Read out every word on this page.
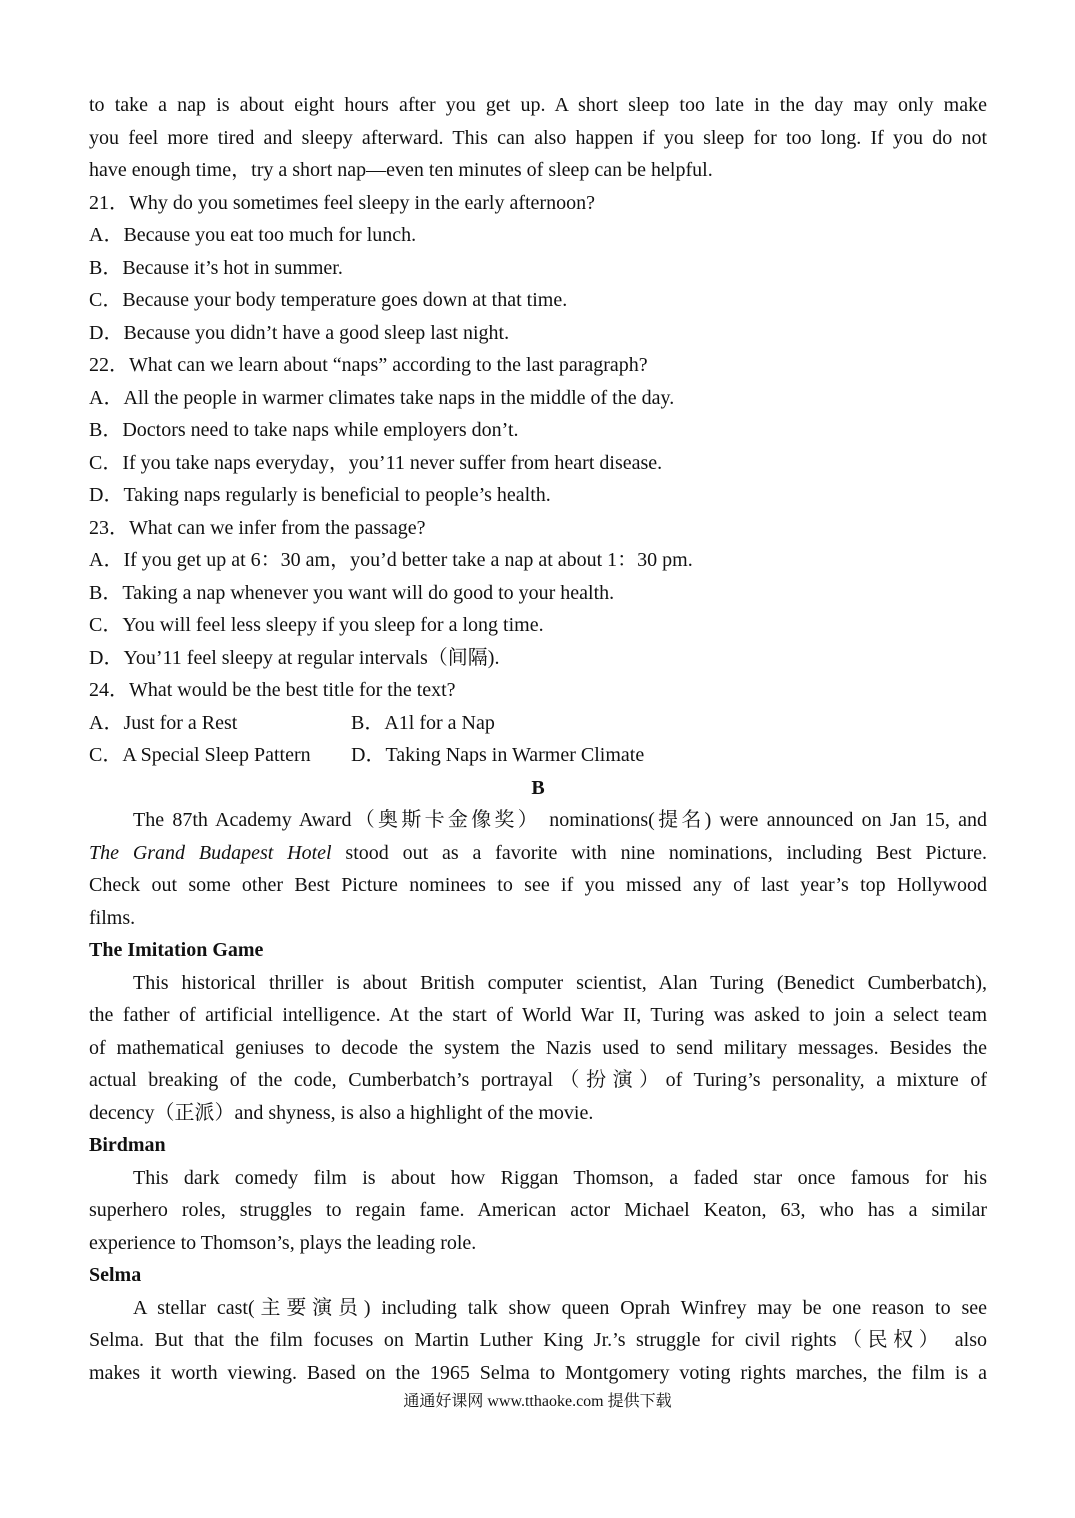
to take a nap is about eight hours after you get up. A short sleep too late in the day may only make
you feel more tired and sleepy afterward. This can also happen if you sleep for too long. If you do not
have enough time，try a short nap—even ten minutes of sleep can be helpful.
21．Why do you sometimes feel sleepy in the early afternoon?
A．Because you eat too much for lunch.
B．Because it’s hot in summer.
C．Because your body temperature goes down at that time.
D．Because you didn’t have a good sleep last night.
22．What can we learn about “naps” according to the last paragraph?
A．All the people in warmer climates take naps in the middle of the day.
B．Doctors need to take naps while employers don’t.
C．If you take naps everyday，you’11 never suffer from heart disease.
D．Taking naps regularly is beneficial to people’s health.
23．What can we infer from the passage?
A．If you get up at 6：30 am，you’d better take a nap at about 1：30 pm.
B．Taking a nap whenever you want will do good to your health.
C．You will feel less sleepy if you sleep for a long time.
D．You’11 feel sleepy at regular intervals（间隔).
24．What would be the best title for the text?
A．Just for a Rest	B．A1l for a Nap
C．A Special Sleep Pattern	D．Taking Naps in Warmer Climate
B
The 87th Academy Award（奥斯卡金像奖） nominations(提名) were announced on Jan 15, and
The Grand Budapest Hotel stood out as a favorite with nine nominations, including Best Picture.
Check out some other Best Picture nominees to see if you missed any of last year’s top Hollywood
films.
The Imitation Game
This historical thriller is about British computer scientist, Alan Turing (Benedict Cumberbatch),
the father of artificial intelligence. At the start of World War II, Turing was asked to join a select team
of mathematical geniuses to decode the system the Nazis used to send military messages. Besides the
actual breaking of the code, Cumberbatch’s portrayal（扮演）of Turing’s personality, a mixture of
decency（正派）and shyness, is also a highlight of the movie.
Birdman
This dark comedy film is about how Riggan Thomson, a faded star once famous for his
superhero roles, struggles to regain fame. American actor Michael Keaton, 63, who has a similar
experience to Thomson’s, plays the leading role.
Selma
A stellar cast(主要演员) including talk show queen Oprah Winfrey may be one reason to see
Selma. But that the film focuses on Martin Luther King Jr.’s struggle for civil rights（民权） also
makes it worth viewing. Based on the 1965 Selma to Montgomery voting rights marches, the film is a
通通好课网 www.tthaoke.com 提供下载
